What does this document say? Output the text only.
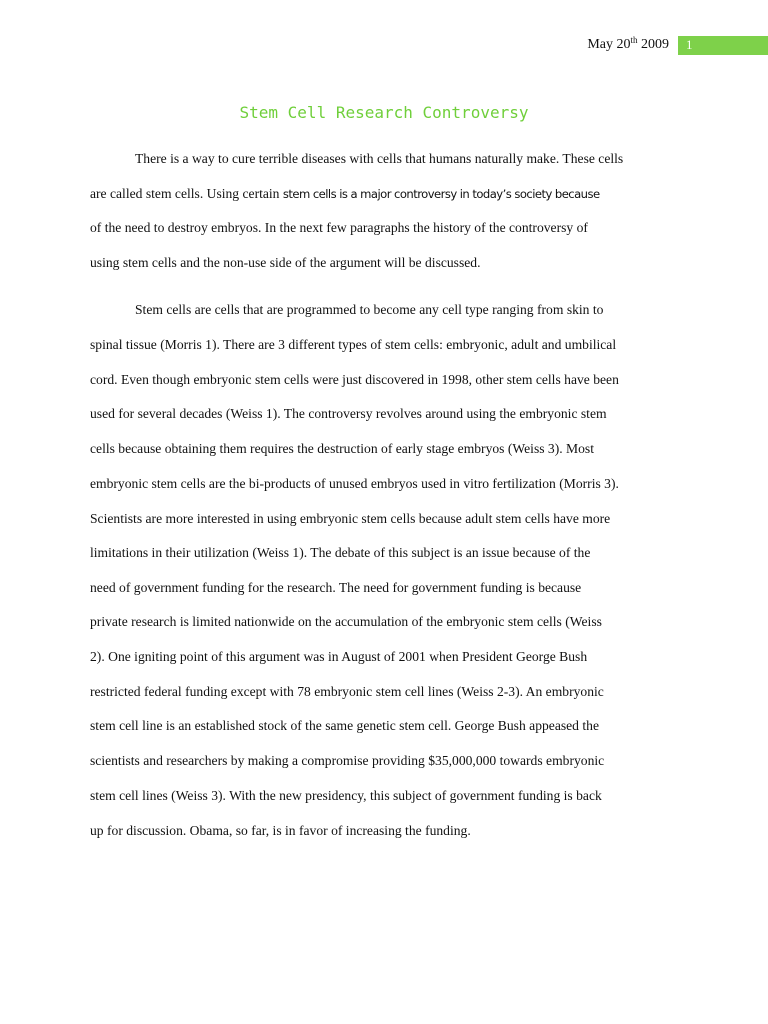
May 20th 2009 1
Stem Cell Research Controversy
There is a way to cure terrible diseases with cells that humans naturally make. These cells
are called stem cells. Using certain stem cells is a major controversy in today’s society because
of the need to destroy embryos. In the next few paragraphs the history of the controversy of
using stem cells and the non-use side of the argument will be discussed.
Stem cells are cells that are programmed to become any cell type ranging from skin to
spinal tissue (Morris 1). There are 3 different types of stem cells: embryonic, adult and umbilical
cord. Even though embryonic stem cells were just discovered in 1998, other stem cells have been
used for several decades (Weiss 1). The controversy revolves around using the embryonic stem
cells because obtaining them requires the destruction of early stage embryos (Weiss 3). Most
embryonic stem cells are the bi-products of unused embryos used in vitro fertilization (Morris 3).
Scientists are more interested in using embryonic stem cells because adult stem cells have more
limitations in their utilization (Weiss 1). The debate of this subject is an issue because of the
need of government funding for the research. The need for government funding is because
private research is limited nationwide on the accumulation of the embryonic stem cells (Weiss
2). One igniting point of this argument was in August of 2001 when President George Bush
restricted federal funding except with 78 embryonic stem cell lines (Weiss 2-3). An embryonic
stem cell line is an established stock of the same genetic stem cell. George Bush appeased the
scientists and researchers by making a compromise providing $35,000,000 towards embryonic
stem cell lines (Weiss 3). With the new presidency, this subject of government funding is back
up for discussion. Obama, so far, is in favor of increasing the funding.
